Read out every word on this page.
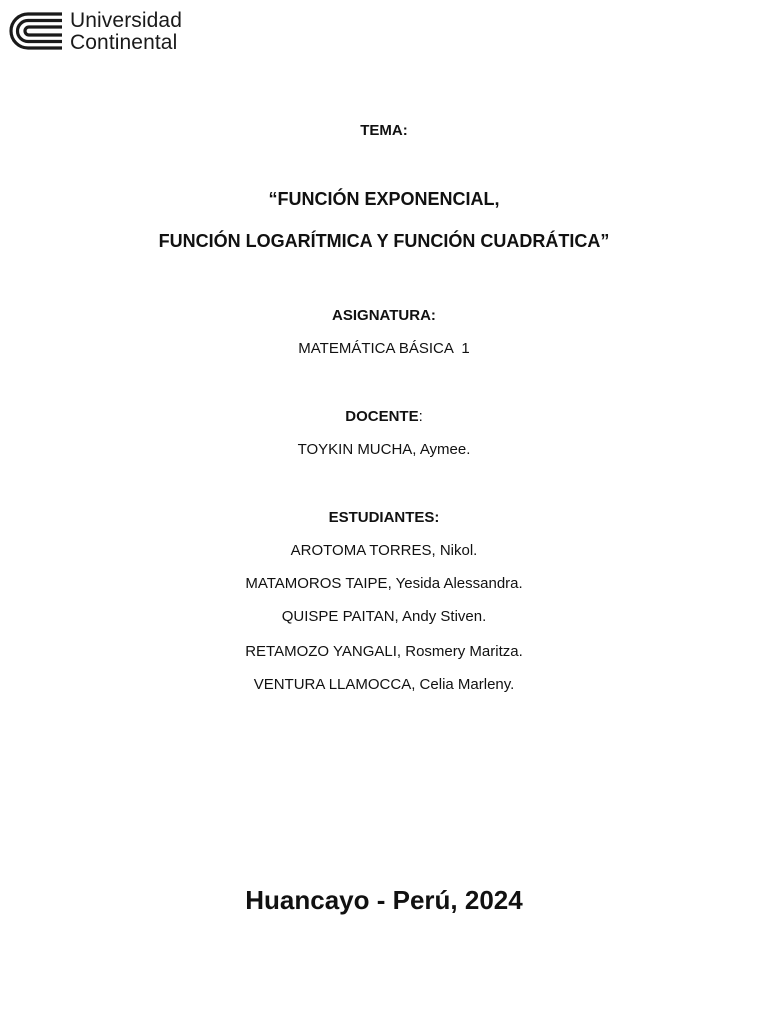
Universidad
Continental
TEMA:
“FUNCIÓN EXPONENCIAL,
FUNCIÓN LOGARÍTMICA Y FUNCIÓN CUADRÁTICA”
ASIGNATURA:
MATEMÁTICA BÁSICA  1
DOCENTE:
TOYKIN MUCHA, Aymee.
ESTUDIANTES:
AROTOMA TORRES, Nikol.
MATAMOROS TAIPE, Yesida Alessandra.
QUISPE PAITAN, Andy Stiven.
RETAMOZO YANGALI, Rosmery Maritza.
VENTURA LLAMOCCA, Celia Marleny.
Huancayo - Perú, 2024
